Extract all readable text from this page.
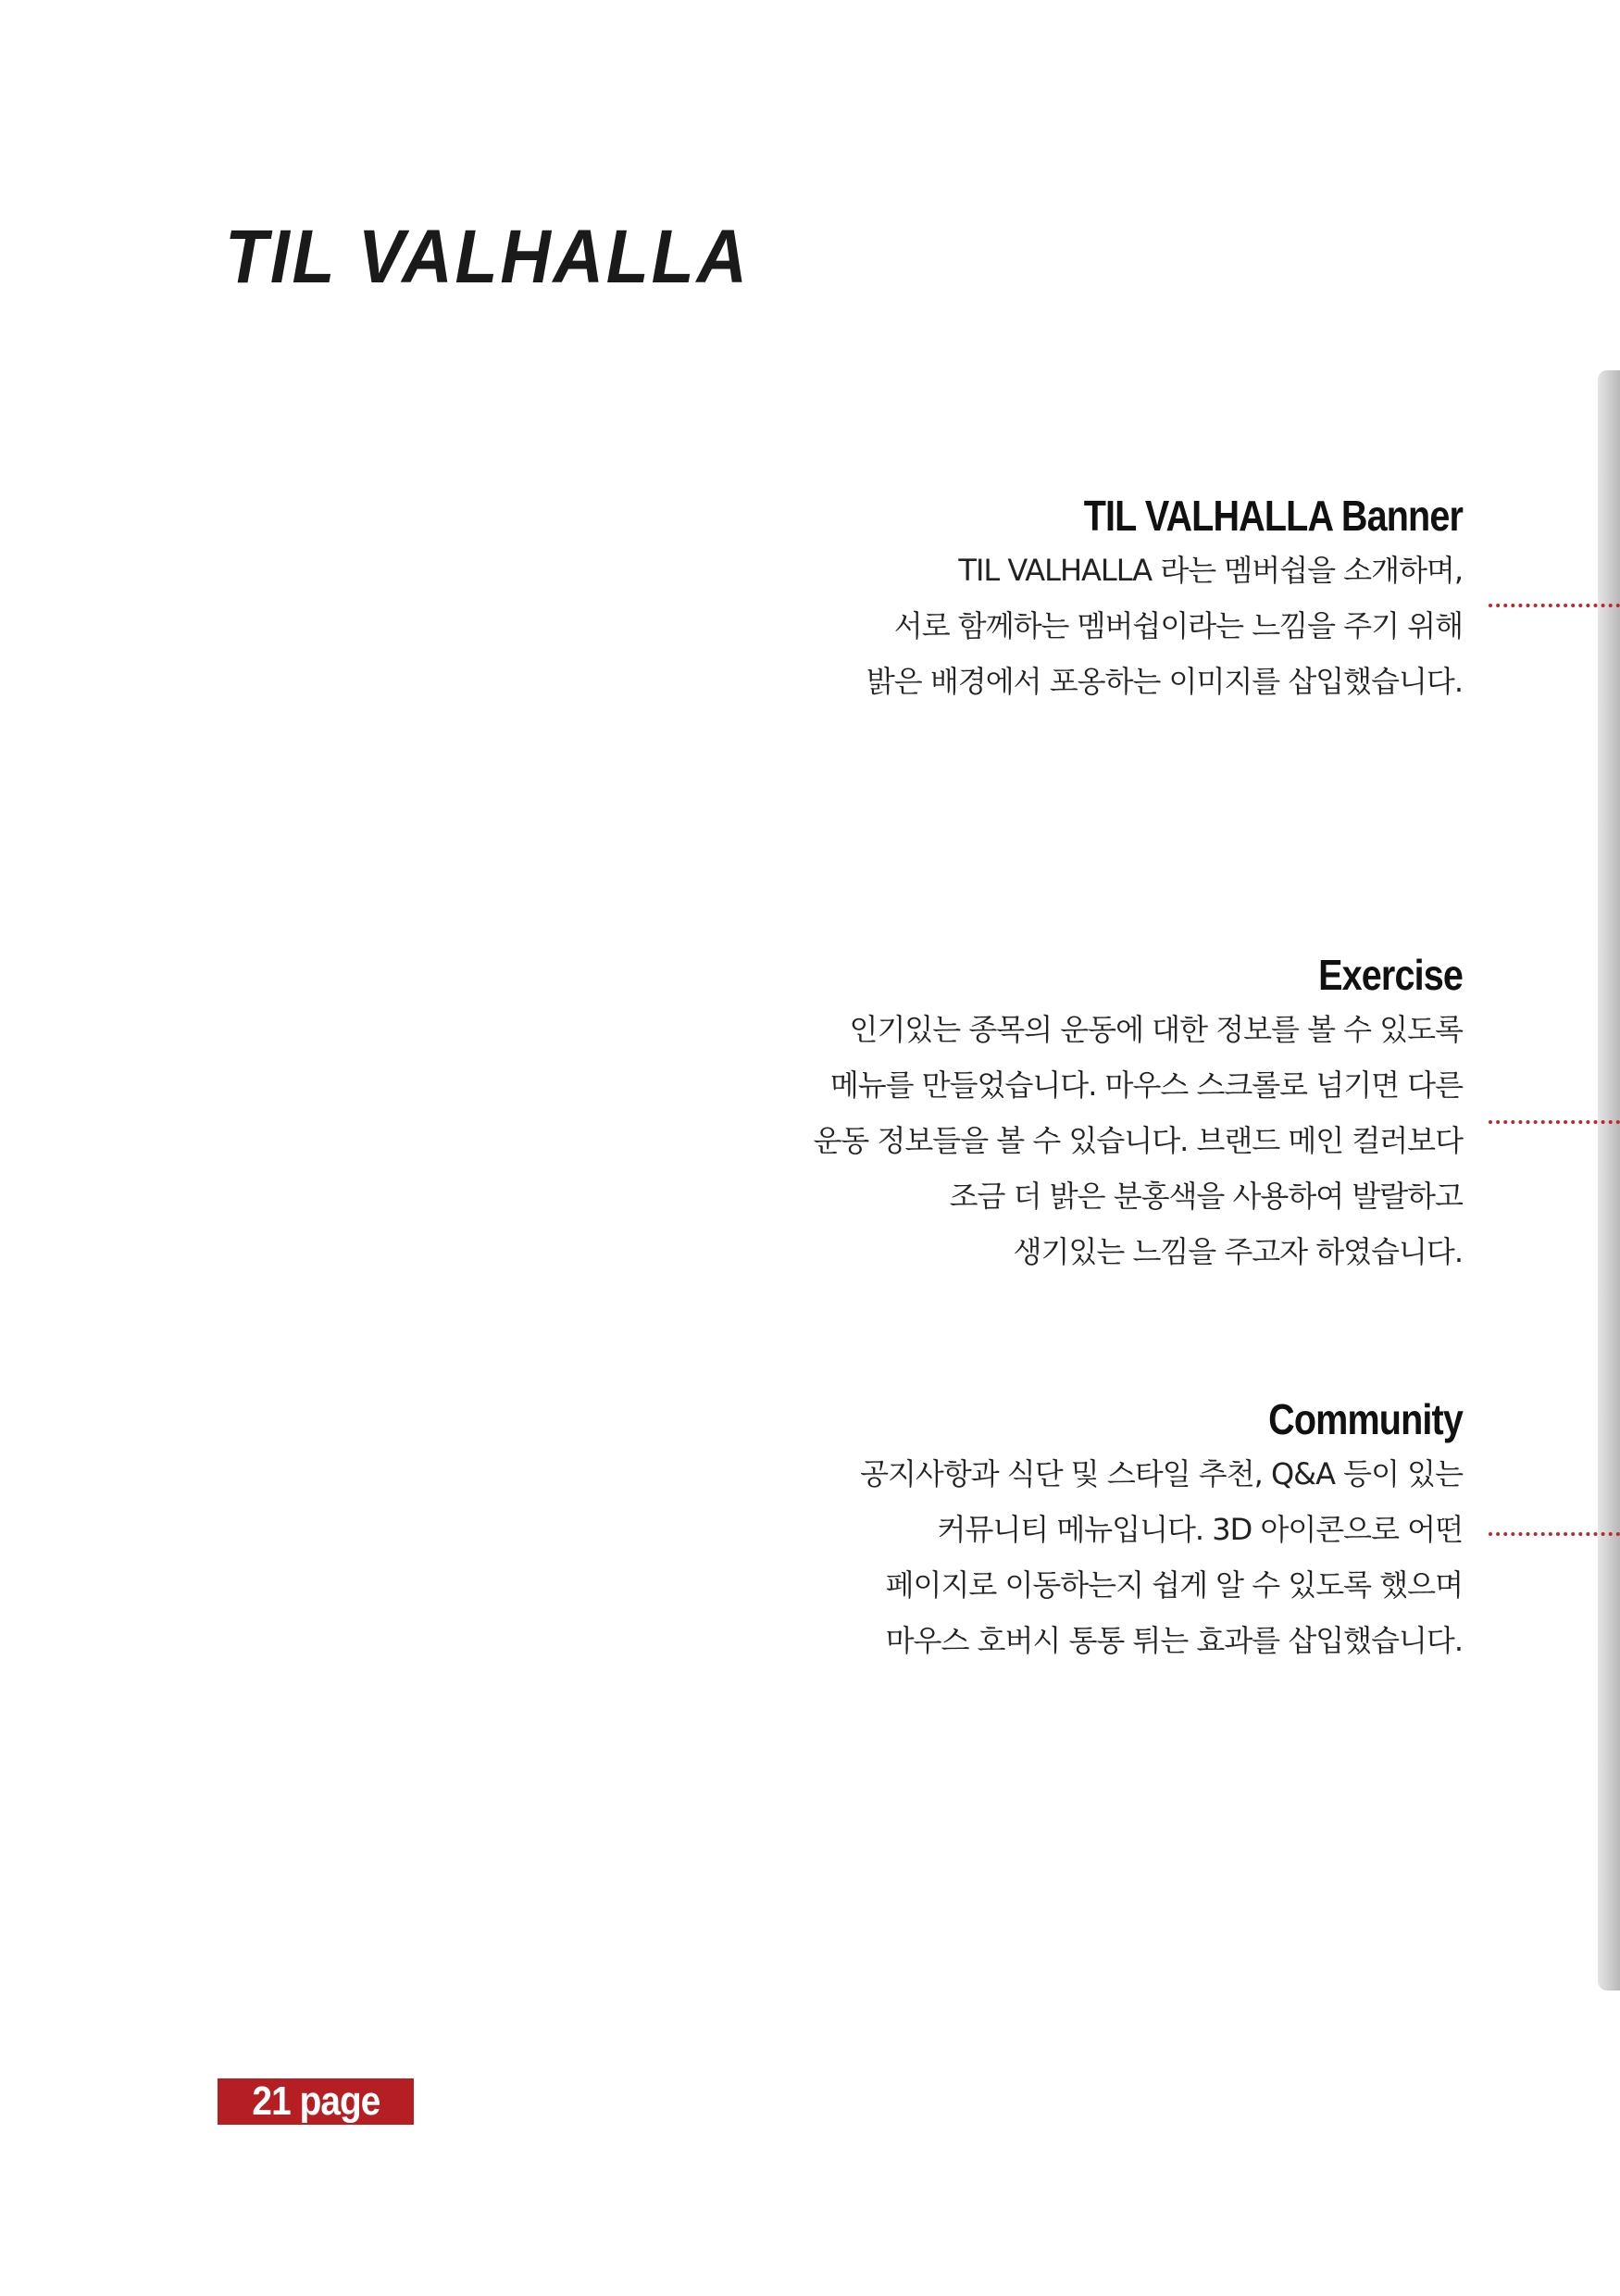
TIL VALHALLA
TIL VALHALLA Banner

TIL VALHALLA 라는 멤버쉽을 소개하며,
서로 함께하는 멤버쉽이라는 느낌을 주기 위해
밝은 배경에서 포옹하는 이미지를 삽입했습니다.

Exercise

인기있는 종목의 운동에 대한 정보를 볼 수 있도록
메뉴를 만들었습니다. 마우스 스크롤로 넘기면 다른
운동 정보들을 볼 수 있습니다. 브랜드 메인 컬러보다
조금 더 밝은 분홍색을 사용하여 발랄하고
생기있는 느낌을 주고자 하였습니다.

Community

공지사항과 식단 및 스타일 추천, Q&A 등이 있는
커뮤니티 메뉴입니다. 3D 아이콘으로 어떤
페이지로 이동하는지 쉽게 알 수 있도록 했으며
마우스 호버시 통통 튀는 효과를 삽입했습니다.

21 page
